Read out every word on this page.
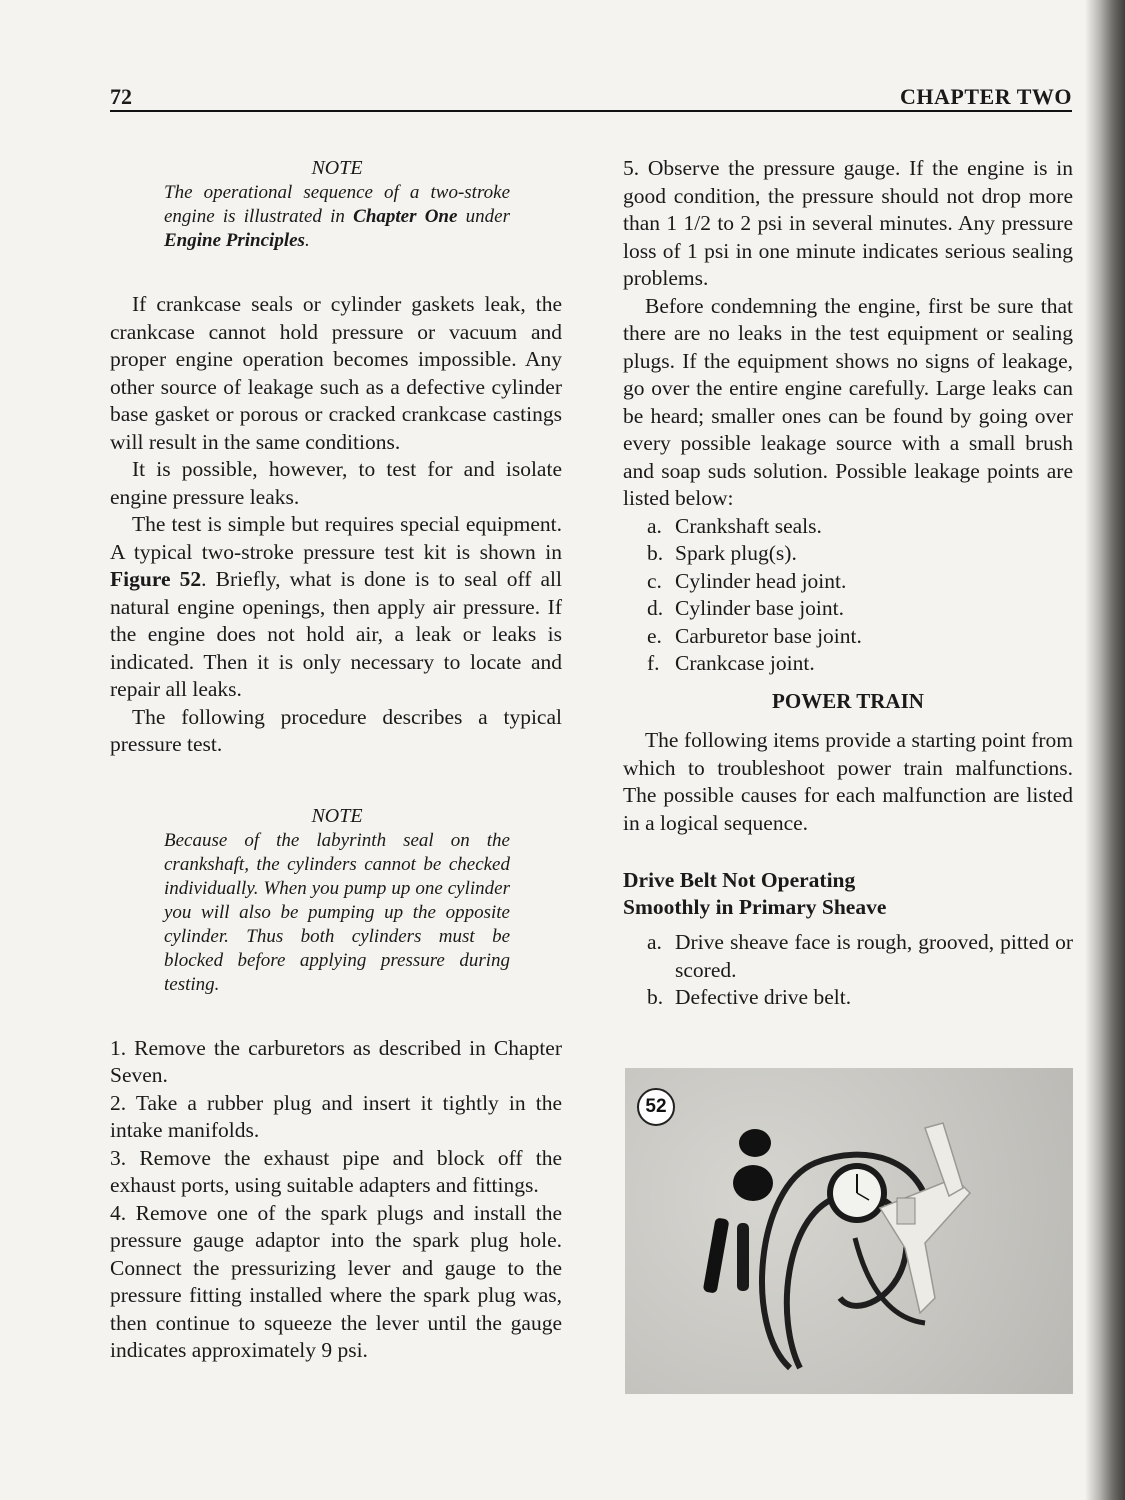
72	CHAPTER TWO
NOTE
The operational sequence of a two-stroke engine is illustrated in Chapter One under Engine Principles.

If crankcase seals or cylinder gaskets leak, the crankcase cannot hold pressure or vacuum and proper engine operation becomes impossible. Any other source of leakage such as a defective cylinder base gasket or porous or cracked crankcase castings will result in the same conditions.

It is possible, however, to test for and isolate engine pressure leaks.

The test is simple but requires special equipment. A typical two-stroke pressure test kit is shown in Figure 52. Briefly, what is done is to seal off all natural engine openings, then apply air pressure. If the engine does not hold air, a leak or leaks is indicated. Then it is only necessary to locate and repair all leaks.

The following procedure describes a typical pressure test.

NOTE
Because of the labyrinth seal on the crankshaft, the cylinders cannot be checked individually. When you pump up one cylinder you will also be pumping up the opposite cylinder. Thus both cylinders must be blocked before applying pressure during testing.

1. Remove the carburetors as described in Chapter Seven.

2. Take a rubber plug and insert it tightly in the intake manifolds.

3. Remove the exhaust pipe and block off the exhaust ports, using suitable adapters and fittings.

4. Remove one of the spark plugs and install the pressure gauge adaptor into the spark plug hole. Connect the pressurizing lever and gauge to the pressure fitting installed where the spark plug was, then continue to squeeze the lever until the gauge indicates approximately 9 psi.

5. Observe the pressure gauge. If the engine is in good condition, the pressure should not drop more than 1 1/2 to 2 psi in several minutes. Any pressure loss of 1 psi in one minute indicates serious sealing problems.

Before condemning the engine, first be sure that there are no leaks in the test equipment or sealing plugs. If the equipment shows no signs of leakage, go over the entire engine carefully. Large leaks can be heard; smaller ones can be found by going over every possible leakage source with a small brush and soap suds solution. Possible leakage points are listed below:

a. Crankshaft seals.
b. Spark plug(s).
c. Cylinder head joint.
d. Cylinder base joint.
e. Carburetor base joint.
f. Crankcase joint.
POWER TRAIN

The following items provide a starting point from which to troubleshoot power train malfunctions. The possible causes for each malfunction are listed in a logical sequence.

Drive Belt Not Operating
Smoothly in Primary Sheave
a. Drive sheave face is rough, grooved, pitted or scored.
b. Defective drive belt.
52
